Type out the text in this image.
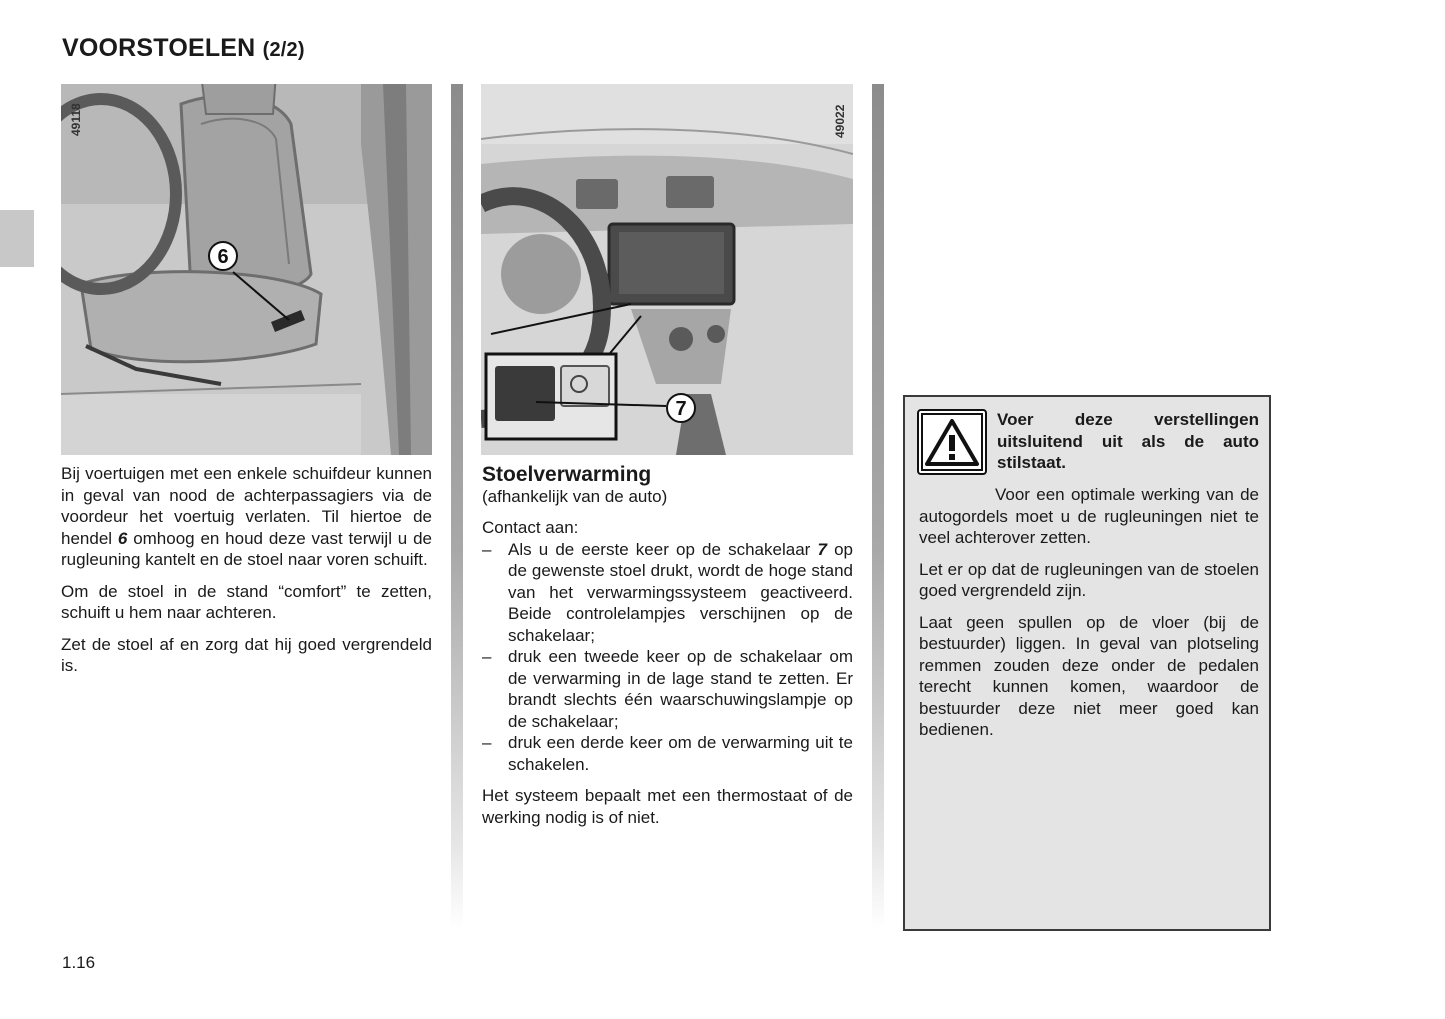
VOORSTOELEN (2/2)
6
49118
7
49022

Bij voertuigen met een enkele schuifdeur kunnen in geval van nood de achterpassagiers via de voordeur het voertuig verlaten. Til hiertoe de hendel 6 omhoog en houd deze vast terwijl u de rugleuning kantelt en de stoel naar voren schuift.

Om de stoel in de stand “comfort” te zetten, schuift u hem naar achteren.

Zet de stoel af en zorg dat hij goed vergrendeld is.

Stoelverwarming
(afhankelijk van de auto)

Contact aan:

– Als u de eerste keer op de schakelaar 7 op de gewenste stoel drukt, wordt de hoge stand van het verwarmingssysteem geactiveerd. Beide controlelampjes verschijnen op de schakelaar;
– druk een tweede keer op de schakelaar om de verwarming in de lage stand te zetten. Er brandt slechts één waarschuwingslampje op de schakelaar;
– druk een derde keer om de verwarming uit te schakelen.

Het systeem bepaalt met een thermostaat of de werking nodig is of niet.

Voer deze verstellingen uitsluitend uit als de auto stilstaat.

Voor een optimale werking van de autogordels moet u de rugleuningen niet te veel achterover zetten.

Let er op dat de rugleuningen van de stoelen goed vergrendeld zijn.

Laat geen spullen op de vloer (bij de bestuurder) liggen. In geval van plotseling remmen zouden deze onder de pedalen terecht kunnen komen, waardoor de bestuurder deze niet meer goed kan bedienen.

1.16
